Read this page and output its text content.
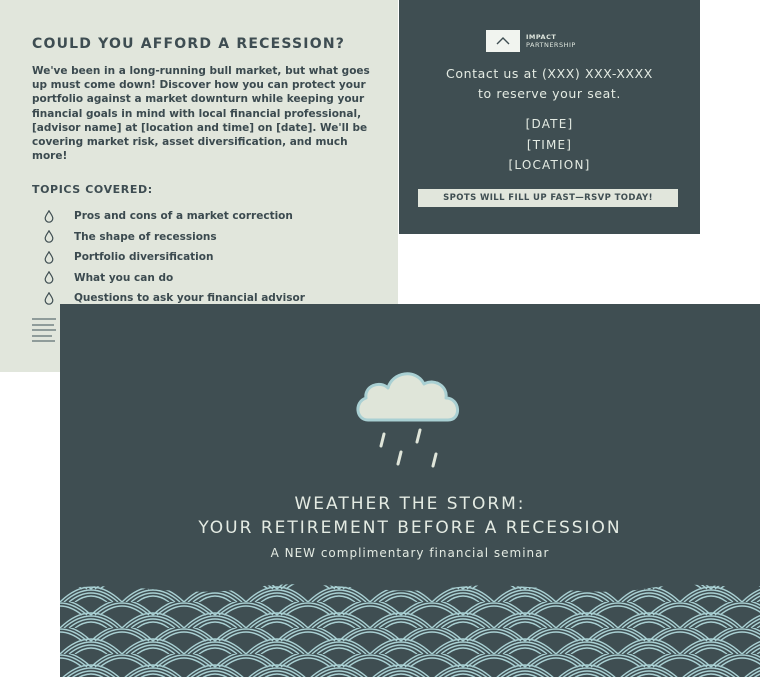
COULD YOU AFFORD A RECESSION?
We've been in a long-running bull market, but what goes up must come down! Discover how you can protect your portfolio against a market downturn while keeping your financial goals in mind with local financial professional, [advisor name] at [location and time] on [date]. We'll be covering market risk, asset diversification, and much more!
TOPICS COVERED:
Pros and cons of a market correction
The shape of recessions
Portfolio diversification
What you can do
Questions to ask your financial advisor
IMPACT
PARTNERSHIP
Contact us at (XXX) XXX-XXXX
to reserve your seat.
[DATE]
[TIME]
[LOCATION]
SPOTS WILL FILL UP FAST—RSVP TODAY!
WEATHER THE STORM:
YOUR RETIREMENT BEFORE A RECESSION
A NEW complimentary financial seminar
